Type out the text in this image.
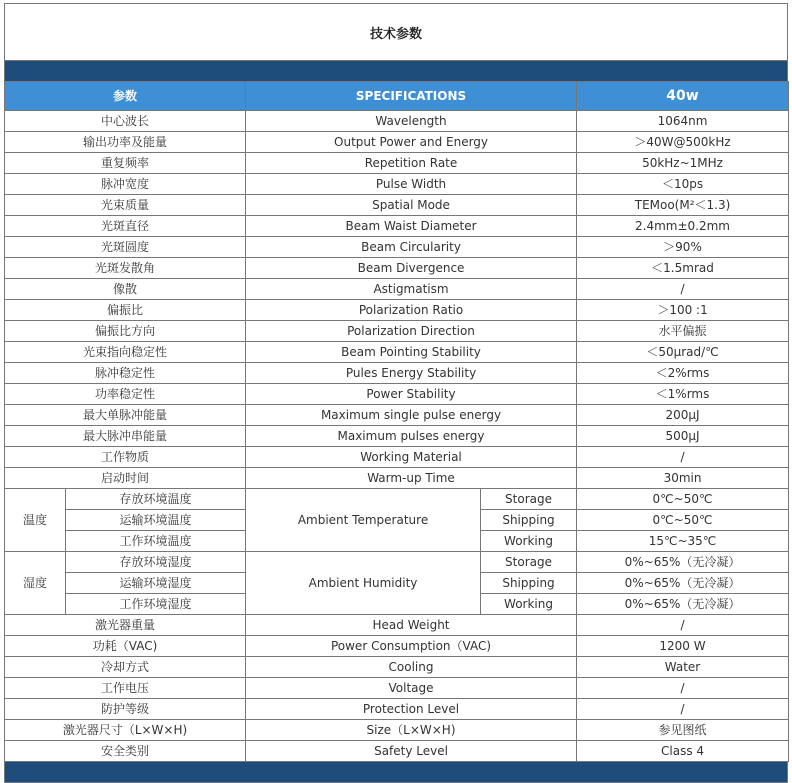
技术参数
参数		SPECIFICATIONS		40w
中心波长		Wavelength		1064nm
输出功率及能量		Output Power and Energy		＞40W@500kHz
重复频率		Repetition Rate		50kHz~1MHz
脉冲宽度		Pulse Width		＜10ps
光束质量		Spatial Mode		TEMoo(M²＜1.3)
光斑直径		Beam Waist Diameter		2.4mm±0.2mm
光斑圆度		Beam Circularity		＞90%
光斑发散角		Beam Divergence		＜1.5mrad
像散		Astigmatism		/
偏振比		Polarization Ratio		＞100 :1
偏振比方向		Polarization Direction		水平偏振
光束指向稳定性		Beam Pointing Stability		＜50μrad/℃
脉冲稳定性		Pules Energy Stability		＜2%rms
功率稳定性		Power Stability		＜1%rms
最大单脉冲能量		Maximum single pulse energy		200μJ
最大脉冲串能量		Maximum pulses energy		500μJ
工作物质		Working Material		/
启动时间		Warm-up Time		30min
温度	存放环境温度	Ambient Temperature	Storage	0℃~50℃
	运输环境温度		Shipping	0℃~50℃
	工作环境温度		Working	15℃~35℃
湿度	存放环境湿度	Ambient Humidity	Storage	0%~65%（无冷凝）
	运输环境湿度		Shipping	0%~65%（无冷凝）
	工作环境湿度		Working	0%~65%（无冷凝）
激光器重量		Head Weight		/
功耗（VAC)		Power Consumption（VAC)		1200 W
冷却方式		Cooling		Water
工作电压		Voltage		/
防护等级		Protection Level		/
激光器尺寸（L×W×H)		Size（L×W×H)		参见图纸
安全类别		Safety Level		Class 4
